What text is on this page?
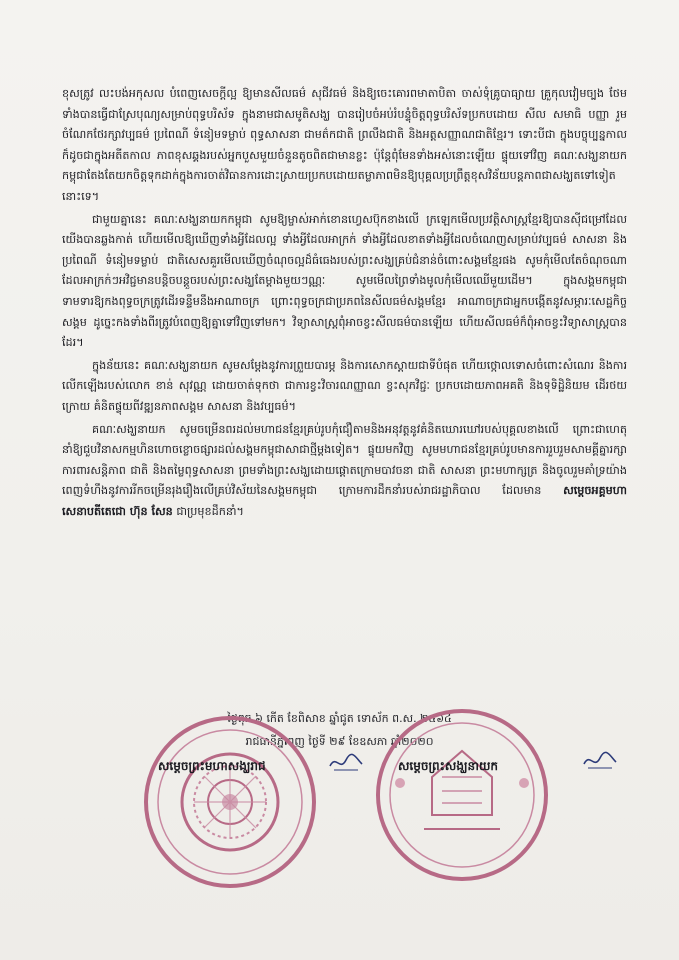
ខុសត្រូវ លះបង់អកុសល បំពេញសេចក្ដីល្អ ឱ្យមានសីលធម៌ សុជីវធម៌ និងឱ្យចេះគោរពមាតាបិតា ចាស់ទុំគ្រូបាធ្យាយ គ្រួកុលវៀមច្បង ថែមទាំងបានធ្វើជាស្រែបុណ្យសម្រាប់ពុទ្ធបរិស័ទ ក្នុងនាមជាសមូតិសង្ឃ បានរៀបចំអប់រំបន្ទុំចិត្តពុទ្ធបរិស័ទប្រកបដោយ សីល សមាធិ បញ្ញា រួមចំណែកថែរក្សាវប្បធម៌ ប្រពៃណី ទំនៀមទម្លាប់ ពុទ្ធសាសនា ជាមត៌កជាតិ ព្រលឹងជាតិ និងអត្តសញ្ញាណជាតិខ្មែរ។ ទោះបីជា ក្នុងបច្ចុប្បន្នកាលក៏ដូចជាក្នុងអតីតកាល ភាពខុសឆ្គងរបស់អ្នកបួសមួយចំនួនតូចពិតជាមានខ្លះ ប៉ុន្តែពុំមែនទាំងអស់នោះឡើយ ផ្ទុយទៅវិញ គណៈសង្ឃនាយកកម្ពុជាតែងតែយកចិត្តទុកដាក់ក្នុងការចាត់វិធានការដោះស្រាយប្រកបដោយតម្លាភាពមិនឱ្យបុគ្គលប្រព្រឹត្តខុសវិន័យបន្តភាពជាសង្ឃតទៅទៀតនោះទេ។

ជាមួយគ្នានេះ គណៈសង្ឃនាយកកម្ពុជា សូមឱ្យម្ចាស់អាក់ខោនហ្វេសប៊ុកខាងលើ ក្រឡេកមើលប្រវត្តិសាស្ត្រខ្មែរឱ្យបានស៊ីជម្រៅដែលយើងបានឆ្លងកាត់ ហើយមើលឱ្យឃើញទាំងអ្វីដែលល្អ ទាំងអ្វីដែលអាក្រក់ ទាំងអ្វីដែលខាតទាំងអ្វីដែលចំណេញសម្រាប់វប្បធម៌ សាសនា និងប្រពៃណី ទំនៀមទម្លាប់ ជាតិសេសគួរមើលឃើញចំណុចល្អដ៏ធំធេងរបស់ព្រះសង្ឃគ្រប់ជំនាន់ចំពោះសង្គមខ្មែរផង សូមកុំមើលតែចំណុចណាដែលអាក្រក់ៗអវិជ្ជមានបន្តិចបន្តួចរបស់ព្រះសង្ឃតែម្ដាងមួយៗណ្ណៈ សូមមើលព្រៃទាំងមូលកុំមើលឈើមួយដើម។ ក្នុងសង្គមកម្ពុជាទាមទារឱ្យកងពុទ្ធចក្រត្រូវដើរទន្ទឹមនឹងអាណាចក្រ ព្រោះពុទ្ធចក្រជាប្រភពនៃសីលធម៌សង្គមខ្មែរ អាណាចក្រជាអ្នកបង្កើតនូវសម្ភារៈសេដ្ឋកិច្ចសង្គម ដូច្នេះកងទាំងពីរត្រូវបំពេញឱ្យគ្នាទៅវិញទៅមក។ វិទ្យាសាស្ត្រពុំអាចខ្វះសីលធម៌បានឡើយ ហើយសីលធម៌ក៏ពុំអាចខ្វះវិទ្យាសាស្ត្របានដែរ។

ក្នុងន័យនេះ គណៈសង្ឃនាយក សូមសម្តែងនូវការព្រួយបារម្ភ និងការសោកស្ដាយជាទីបំផុត ហើយថ្កោលទោសចំពោះសំណេរ និងការលើកឡើងរបស់លោក ខាន់ សុវណ្ណ ដោយចាត់ទុកថា ជាការខ្វះវិចារណញ្ញាណ ខ្វះសុភវិជ្ជៈ ប្រកបដោយភាពអគតិ និងទុទិដ្ឋិនិយម ដើរថយក្រោយ គំនិតផ្ទុយពីវឌ្ឍនភាពសង្គម សាសនា និងវប្បធម៌។

គណៈសង្ឃនាយក សូមចម្រើនពរដល់មហាជនខ្មែរគ្រប់រូបកុំជឿតាមនិងអនុវត្តនូវគំនិតឃោរឃៅរបស់បុគ្គលខាងលើ ព្រោះជាហេតុនាំឱ្យជួបវិនាសកម្មហិនហោចខ្លោចផ្សារដល់សង្គមកម្ពុជាសាជាថ្មីម្ដងទៀត។ ផ្ទុយមកវិញ សូមមហាជនខ្មែរគ្រប់រូបមានការរួបរួមសាមគ្គីគ្នារក្សាការពារសន្តិភាព ជាតិ និងតម្លៃពុទ្ធសាសនា ព្រមទាំងព្រះសង្ឃដោយផ្តោតក្រោមបាវចនា ជាតិ សាសនា ព្រះមហាក្សត្រ និងចូលរួមគាំទ្រយ៉ាងពេញទំហឹងនូវការរីកចម្រើនរុងរឿងលើគ្រប់វិស័យនៃសង្គមកម្ពុជា ក្រោមការដឹកនាំរបស់រាជរដ្ឋាភិបាល ដែលមាន សម្ដេចអគ្គមហាសេនាបតីតេជោ ហ៊ុន សែន ជាប្រមុខដឹកនាំ។

ថ្ងៃពុធ ៦ កើត ខែពិសាខ ឆ្នាំជូត ទោស័ក ព.ស. ២៥៦៤
រាជធានីភ្នំពេញ ថ្ងៃទី ២៩ ខែឧសភា ឆ្នាំ២០២០
សម្តេចព្រះមហាសង្ឃរាជ	សម្តេចព្រះសង្ឃនាយក
